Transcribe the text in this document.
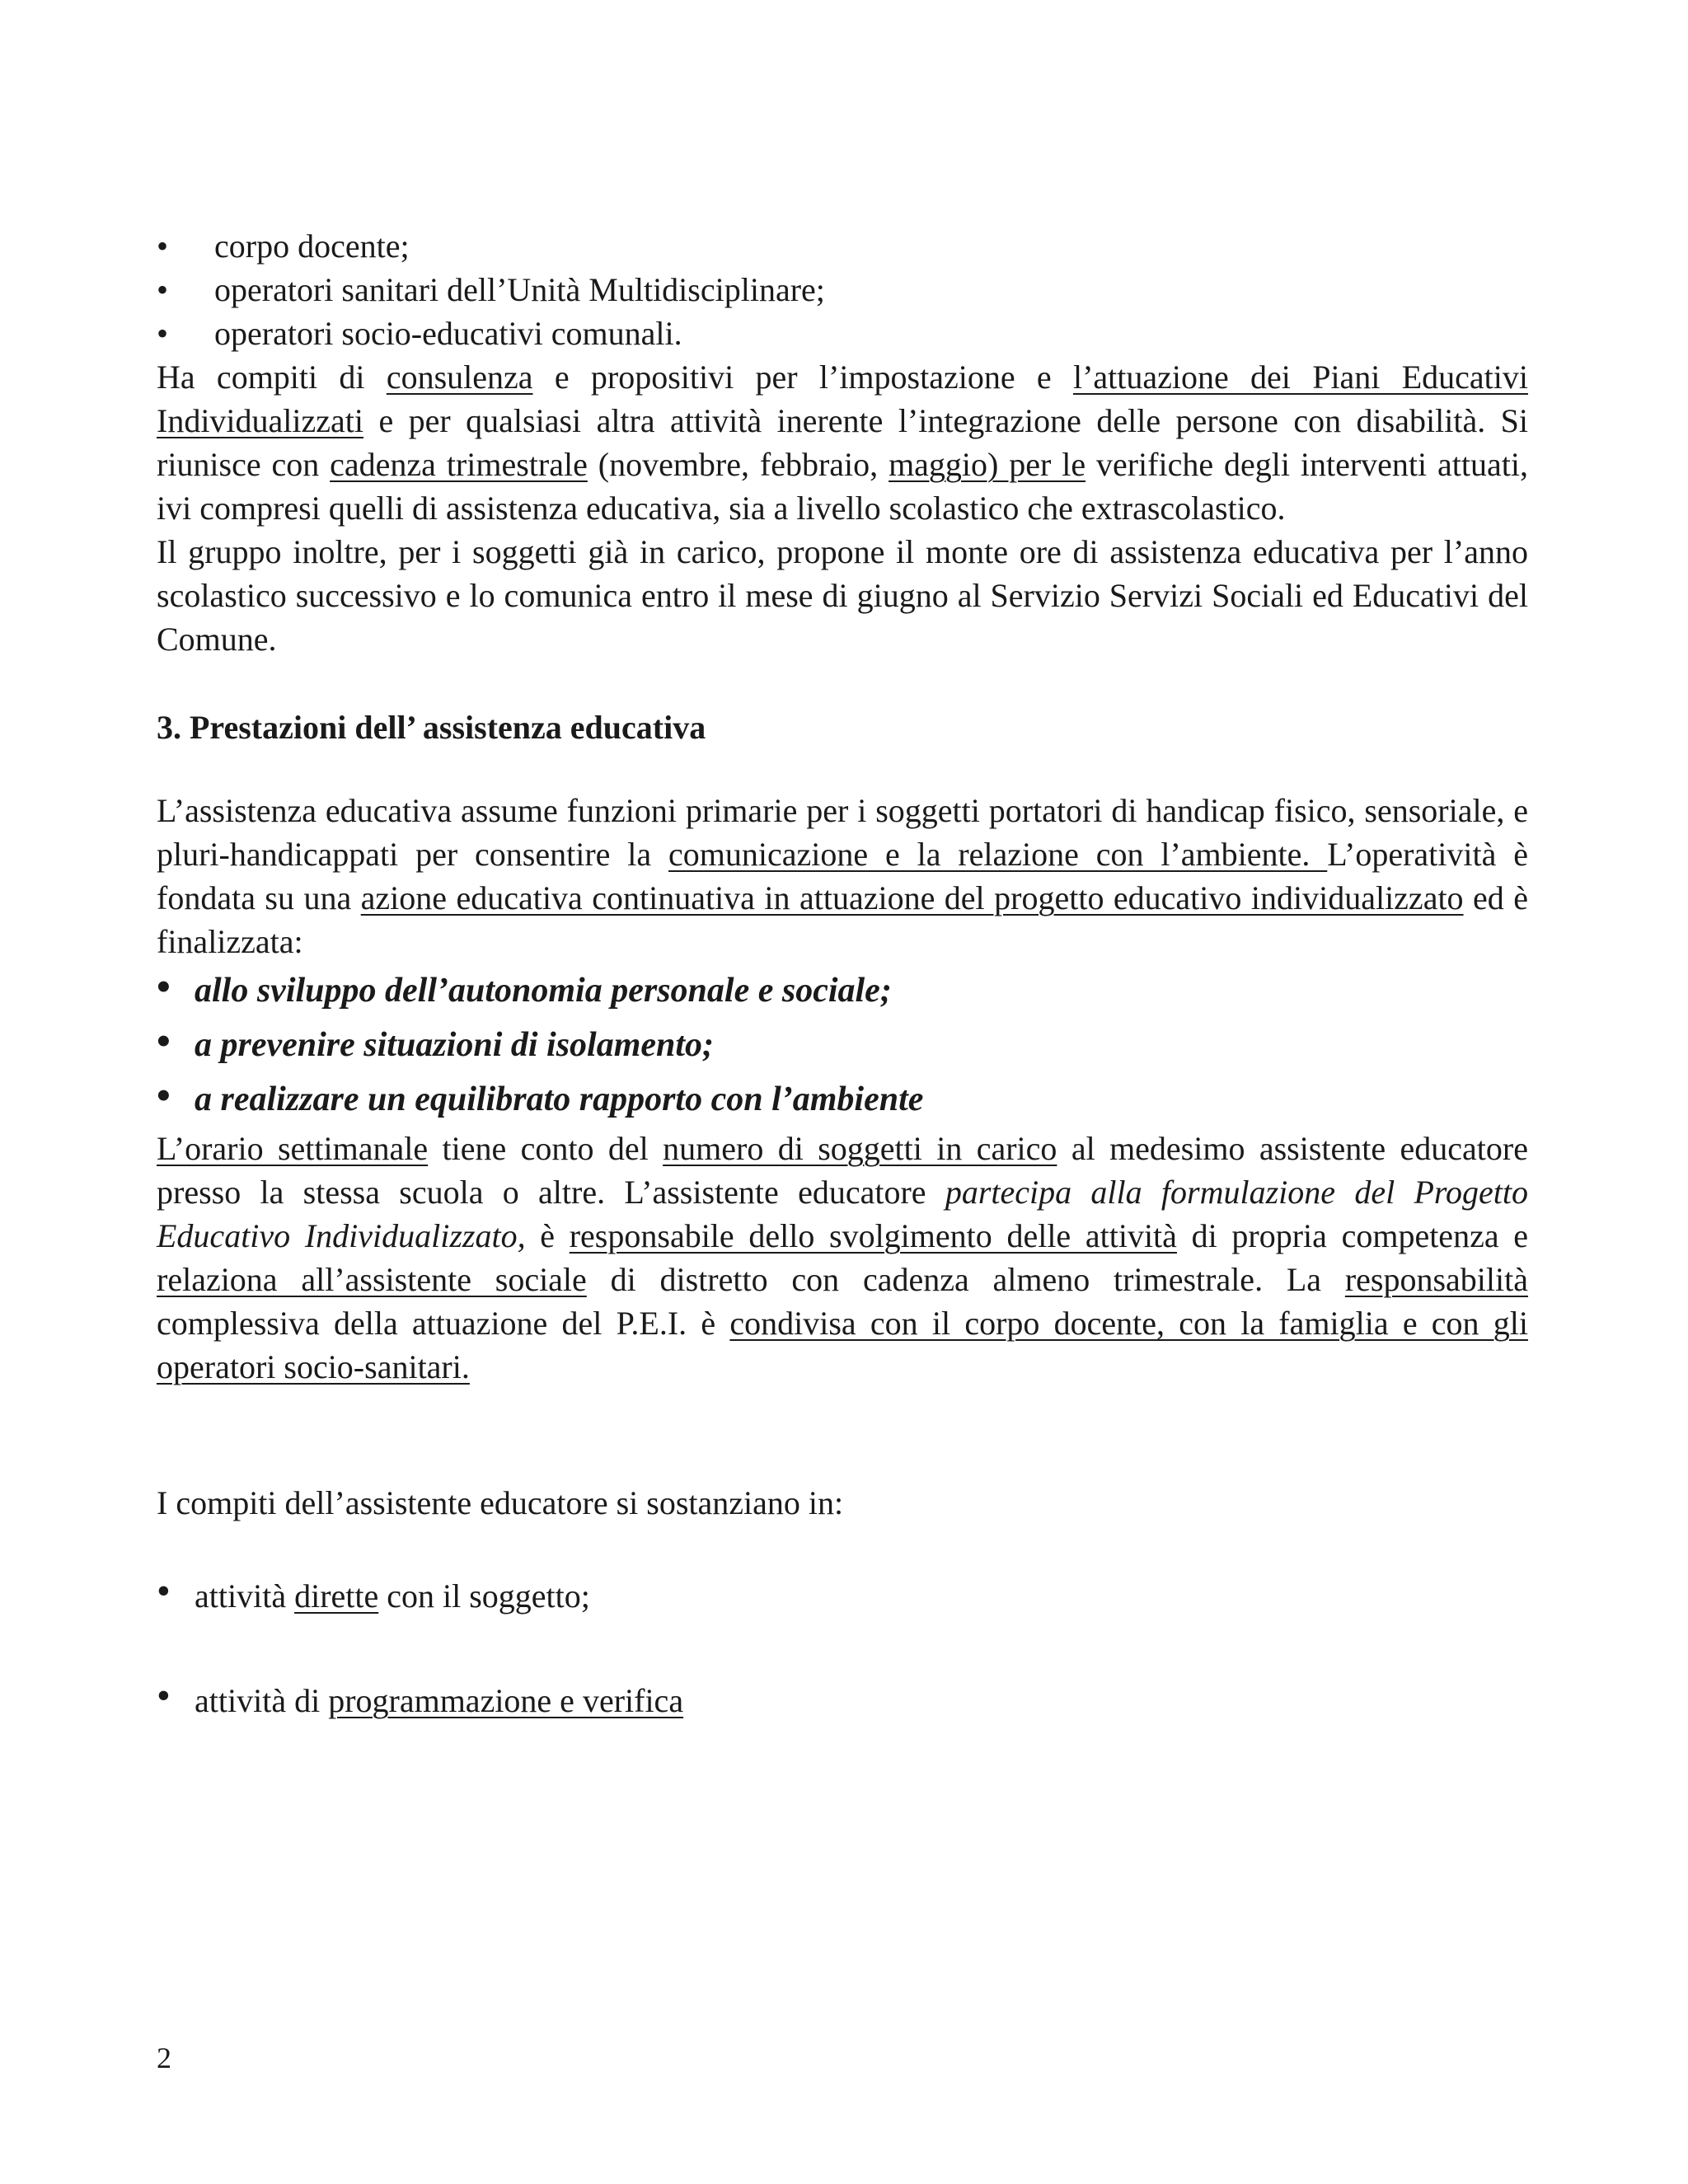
• corpo docente;
• operatori sanitari dell’Unità Multidisciplinare;
• operatori socio-educativi comunali.

Ha compiti di consulenza e propositivi per l’impostazione e l’attuazione dei Piani Educativi Individualizzati e per qualsiasi altra attività inerente l’integrazione delle persone con disabilità. Si riunisce con cadenza trimestrale (novembre, febbraio, maggio) per le verifiche degli interventi attuati, ivi compresi quelli di assistenza educativa, sia a livello scolastico che extrascolastico.

Il gruppo inoltre, per i soggetti già in carico, propone il monte ore di assistenza educativa per l’anno scolastico successivo e lo comunica entro il mese di giugno al Servizio Servizi Sociali ed Educativi del Comune.

3. Prestazioni dell’ assistenza educativa

L’assistenza educativa assume funzioni primarie per i soggetti portatori di handicap fisico, sensoriale, e pluri-handicappati per consentire la comunicazione e la relazione con l’ambiente. L’operatività è fondata su una azione educativa continuativa in attuazione del progetto educativo individualizzato ed è finalizzata:

• allo sviluppo dell’autonomia personale e sociale;
• a prevenire situazioni di isolamento;
• a realizzare un equilibrato rapporto con l’ambiente

L’orario settimanale tiene conto del numero di soggetti in carico al medesimo assistente educatore presso la stessa scuola o altre. L’assistente educatore partecipa alla formulazione del Progetto Educativo Individualizzato, è responsabile dello svolgimento delle attività di propria competenza e relaziona all’assistente sociale di distretto con cadenza almeno trimestrale. La responsabilità complessiva della attuazione del P.E.I. è condivisa con il corpo docente, con la famiglia e con gli operatori socio-sanitari.

I compiti dell’assistente educatore si sostanziano in:

• attività dirette con il soggetto;
• attività di programmazione e verifica
2
